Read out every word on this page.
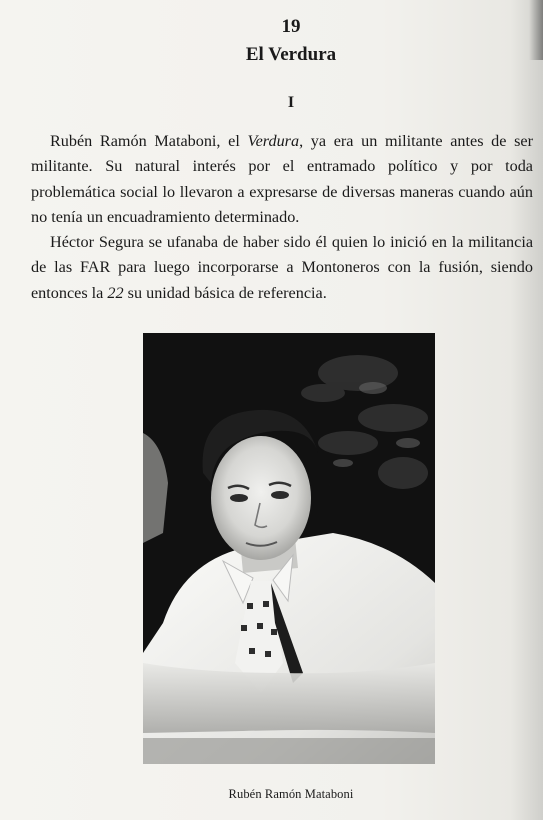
19
El Verdura
I

Rubén Ramón Mataboni, el Verdura, ya era un militante antes de ser militante. Su natural interés por el entramado político y por toda problemática social lo llevaron a expresarse de diversas maneras cuando aún no tenía un encuadramiento determinado.

Héctor Segura se ufanaba de haber sido él quien lo inició en la militancia de las FAR para luego incorporarse a Montoneros con la fusión, siendo entonces la 22 su unidad básica de referencia.

Rubén Ramón Mataboni
